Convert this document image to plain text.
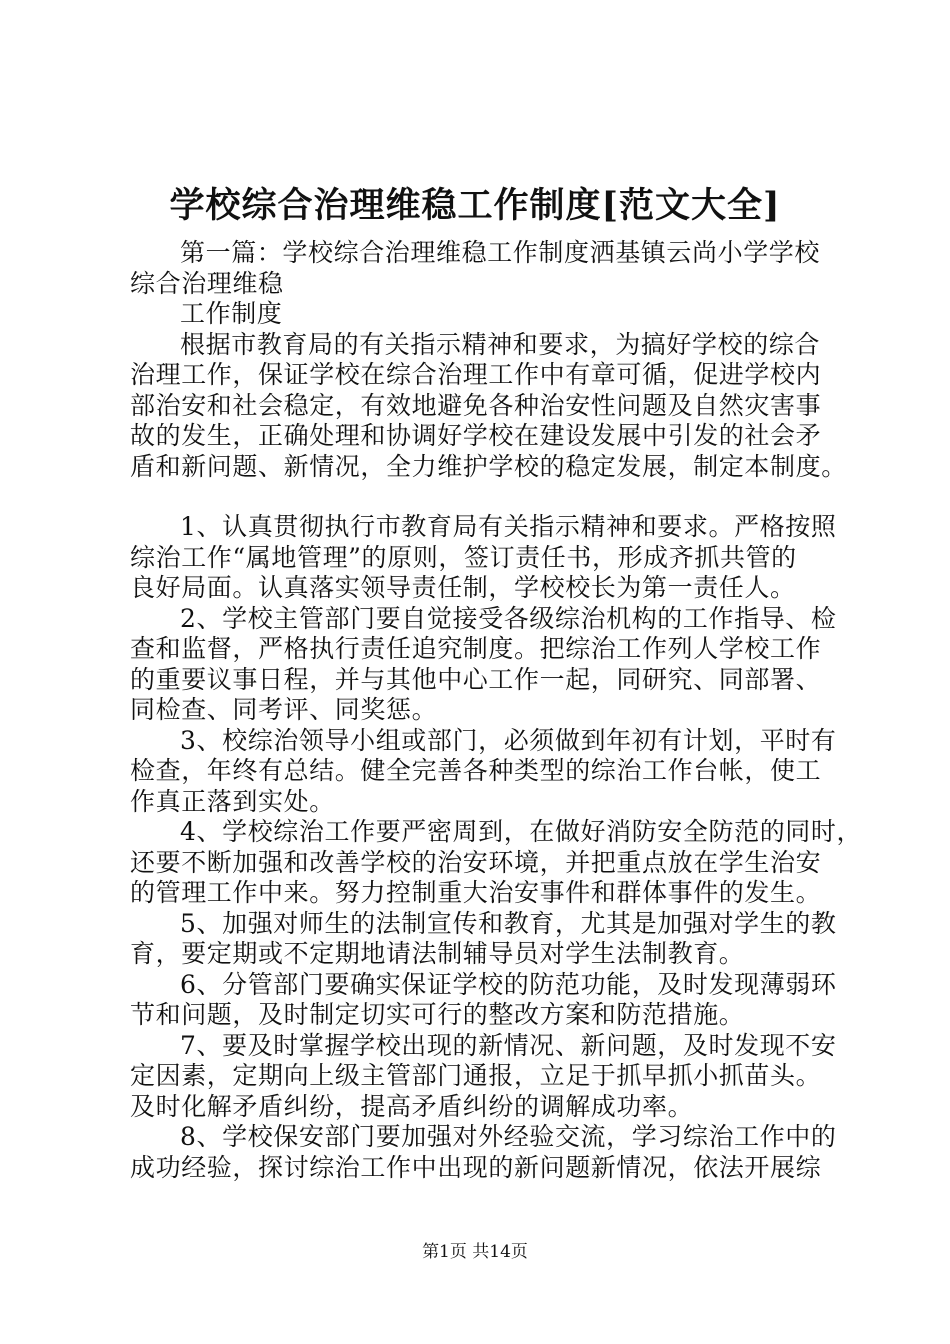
学校综合治理维稳工作制度[范文大全]

第一篇：学校综合治理维稳工作制度洒基镇云尚小学学校

综合治理维稳

工作制度

根据市教育局的有关指示精神和要求，为搞好学校的综合

治理工作，保证学校在综合治理工作中有章可循，促进学校内

部治安和社会稳定，有效地避免各种治安性问题及自然灾害事

故的发生，正确处理和协调好学校在建设发展中引发的社会矛

盾和新问题、新情况，全力维护学校的稳定发展，制定本制度。

1、认真贯彻执行市教育局有关指示精神和要求。严格按照

综治工作“属地管理”的原则，签订责任书，形成齐抓共管的

良好局面。认真落实领导责任制，学校校长为第一责任人。

2、学校主管部门要自觉接受各级综治机构的工作指导、检

查和监督，严格执行责任追究制度。把综治工作列人学校工作

的重要议事日程，并与其他中心工作一起，同研究、同部署、

同检查、同考评、同奖惩。

3、校综治领导小组或部门，必须做到年初有计划，平时有

检查，年终有总结。健全完善各种类型的综治工作台帐，使工

作真正落到实处。

4、学校综治工作要严密周到，在做好消防安全防范的同时，

还要不断加强和改善学校的治安环境，并把重点放在学生治安

的管理工作中来。努力控制重大治安事件和群体事件的发生。

5、加强对师生的法制宣传和教育，尤其是加强对学生的教

育，要定期或不定期地请法制辅导员对学生法制教育。

6、分管部门要确实保证学校的防范功能，及时发现薄弱环

节和问题，及时制定切实可行的整改方案和防范措施。

7、要及时掌握学校出现的新情况、新问题，及时发现不安

定因素，定期向上级主管部门通报，立足于抓早抓小抓苗头。

及时化解矛盾纠纷，提高矛盾纠纷的调解成功率。

8、学校保安部门要加强对外经验交流，学习综治工作中的

成功经验，探讨综治工作中出现的新问题新情况，依法开展综

第1页 共14页
